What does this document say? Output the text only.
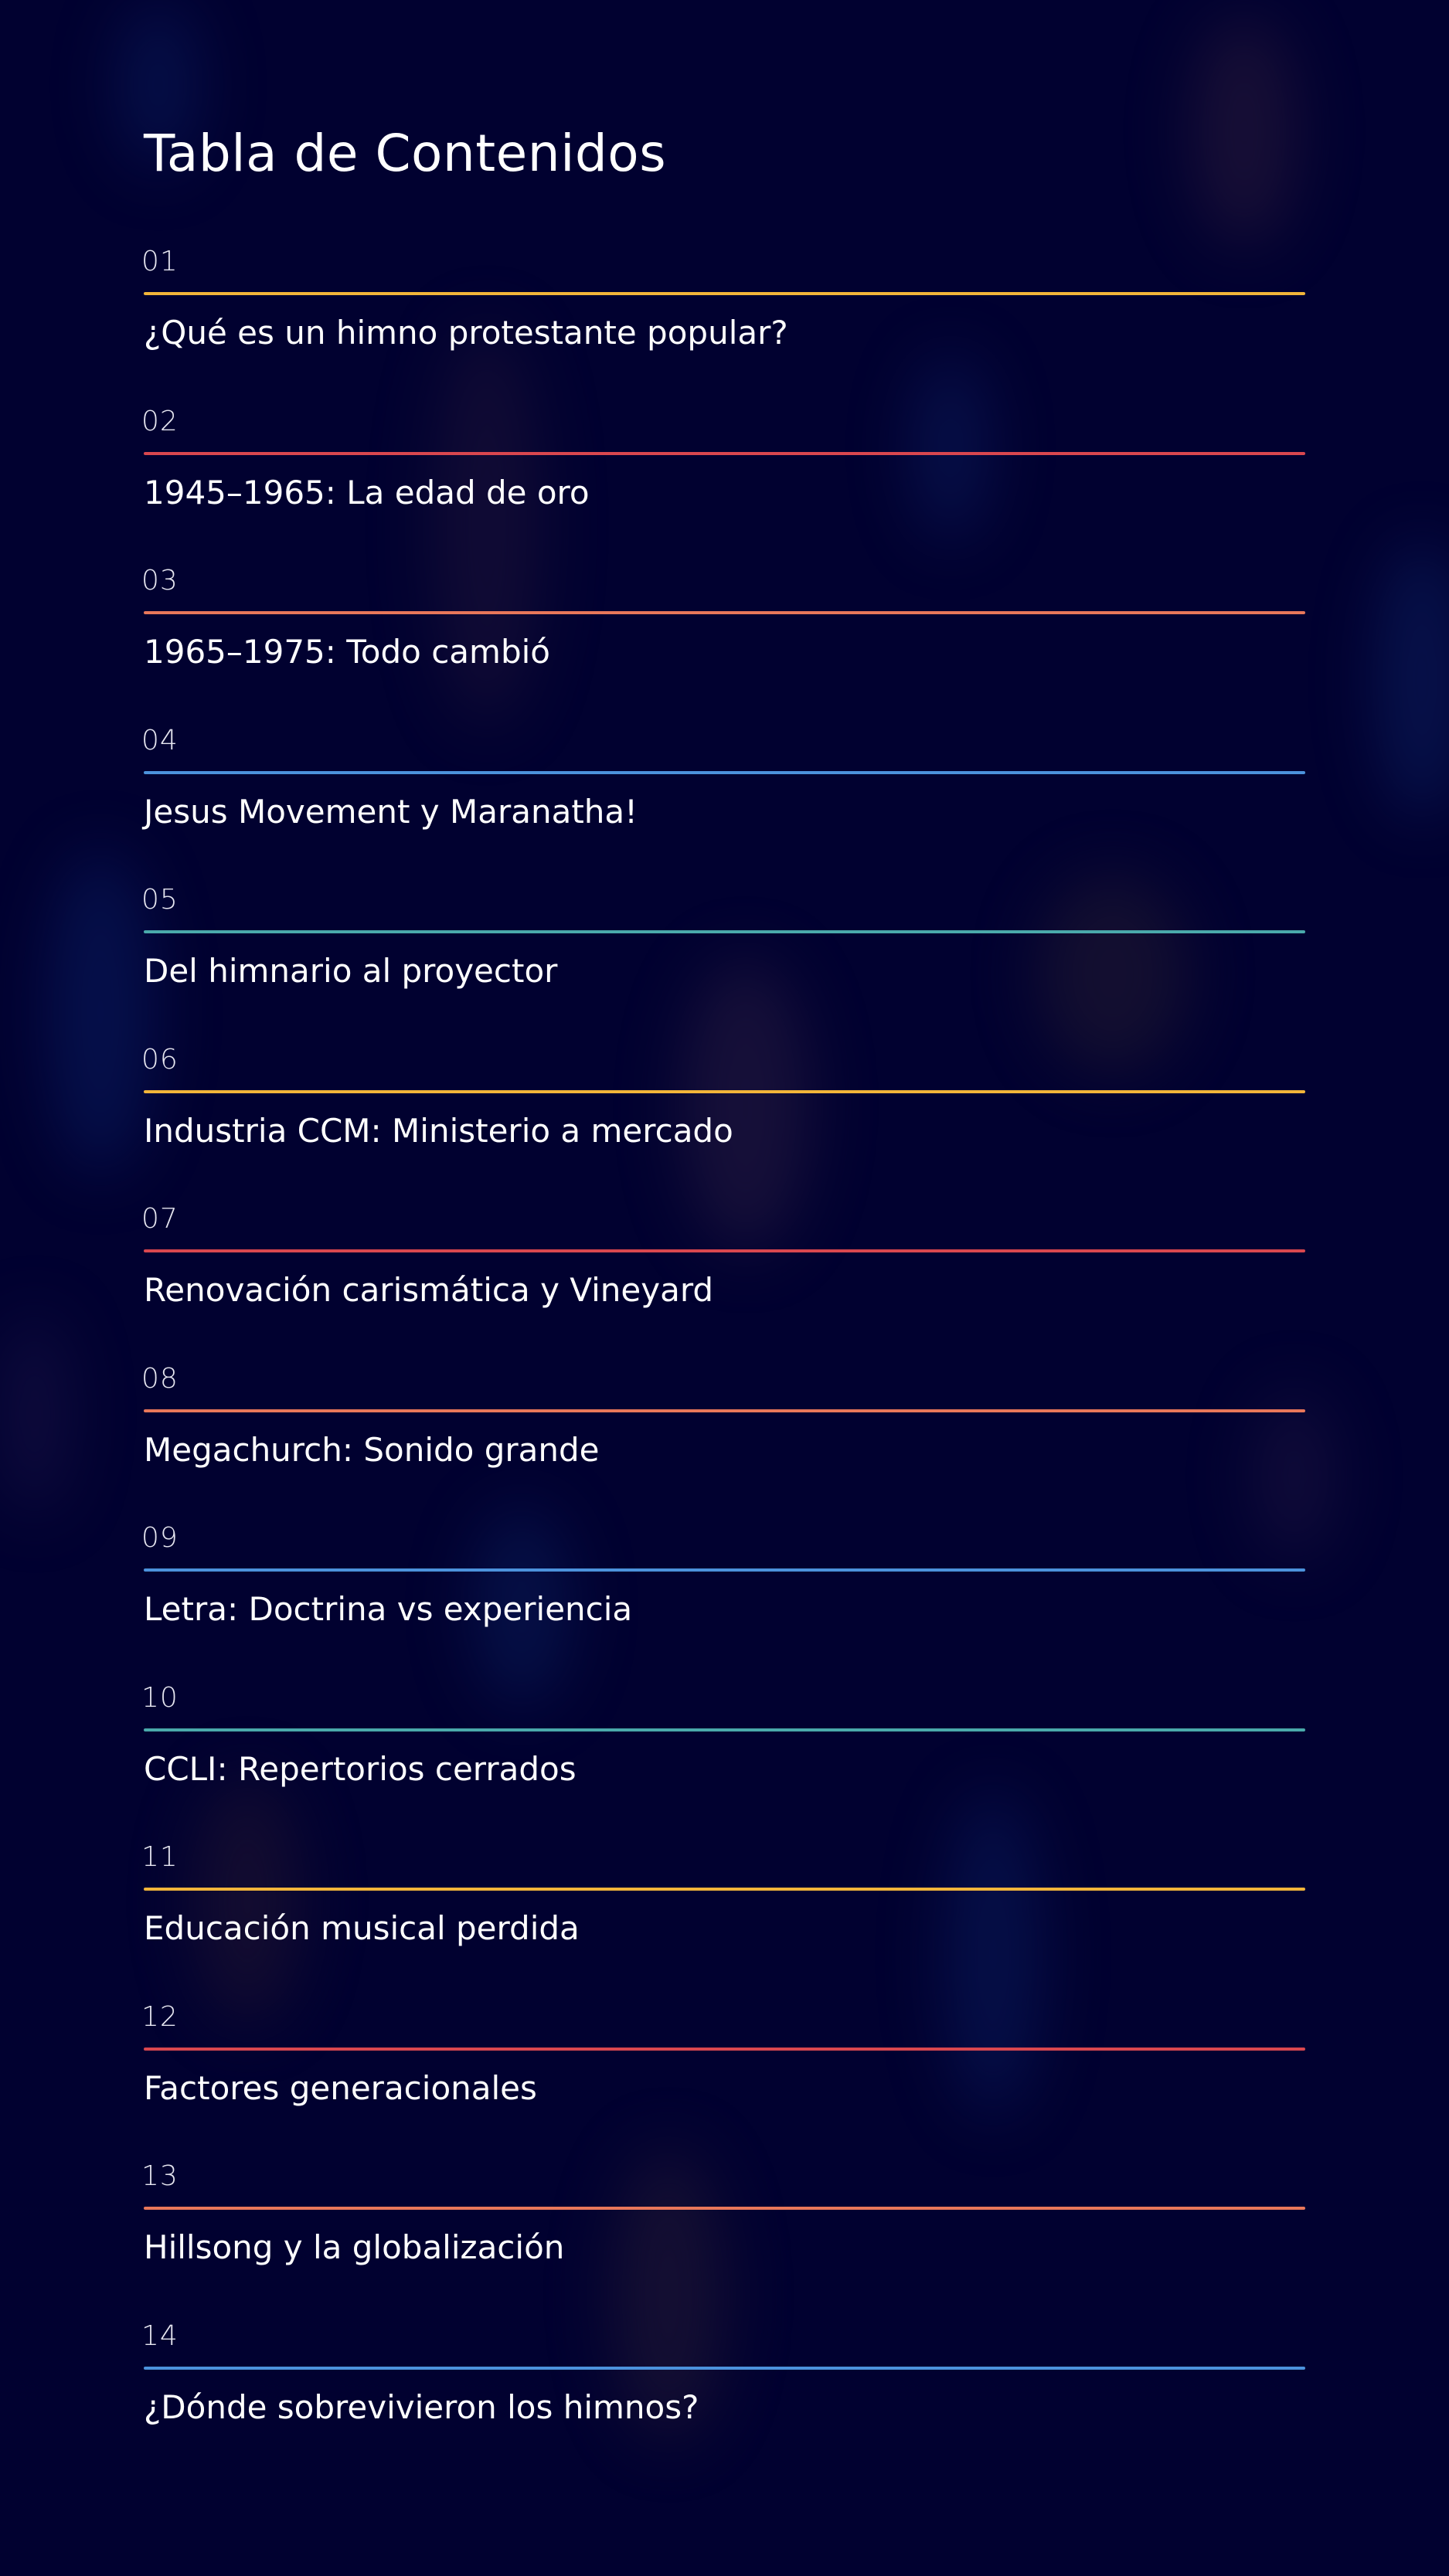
Tabla de Contenidos
01
¿Qué es un himno protestante popular?
02
1945–1965: La edad de oro
03
1965–1975: Todo cambió
04
Jesus Movement y Maranatha!
05
Del himnario al proyector
06
Industria CCM: Ministerio a mercado
07
Renovación carismática y Vineyard
08
Megachurch: Sonido grande
09
Letra: Doctrina vs experiencia
10
CCLI: Repertorios cerrados
11
Educación musical perdida
12
Factores generacionales
13
Hillsong y la globalización
14
¿Dónde sobrevivieron los himnos?
